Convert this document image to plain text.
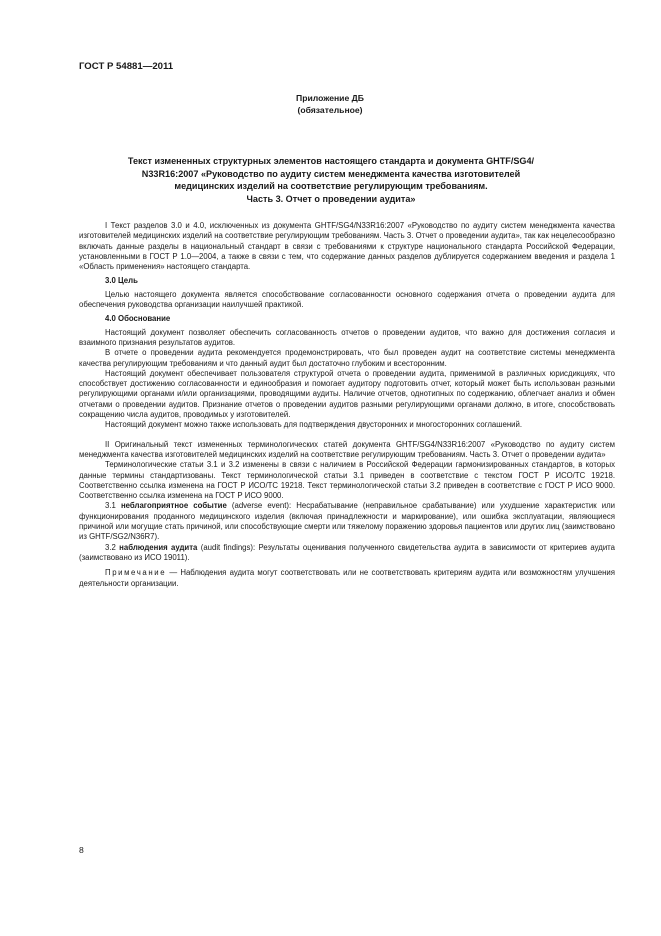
ГОСТ Р 54881—2011
Приложение ДБ
(обязательное)
Текст измененных структурных элементов настоящего стандарта и документа GHTF/SG4/
N33R16:2007 «Руководство по аудиту систем менеджмента качества изготовителей
медицинских изделий на соответствие регулирующим требованиям.
Часть 3. Отчет о проведении аудита»

I Текст разделов 3.0 и 4.0, исключенных из документа GHTF/SG4/N33R16:2007 «Руководство по аудиту систем менеджмента качества изготовителей медицинских изделий на соответствие регулирующим требованиям. Часть 3. Отчет о проведении аудита», так как нецелесообразно включать данные разделы в национальный стандарт в связи с требованиями к структуре национального стандарта Российской Федерации, установленными в ГОСТ Р 1.0—2004, а также в связи с тем, что содержание данных разделов дублируется содержанием введения и раздела 1 «Область применения» настоящего стандарта.

3.0 Цель

Целью настоящего документа является способствование согласованности основного содержания отчета о проведении аудита для обеспечения руководства организации наилучшей практикой.

4.0 Обоснование

Настоящий документ позволяет обеспечить согласованность отчетов о проведении аудитов, что важно для достижения согласия и взаимного признания результатов аудитов.

В отчете о проведении аудита рекомендуется продемонстрировать, что был проведен аудит на соответствие системы менеджмента качества регулирующим требованиям и что данный аудит был достаточно глубоким и всесторонним.

Настоящий документ обеспечивает пользователя структурой отчета о проведении аудита, применимой в различных юрисдикциях, что способствует достижению согласованности и единообразия и помогает аудитору подготовить отчет, который может быть использован разными регулирующими органами и/или организациями, проводящими аудиты. Наличие отчетов, однотипных по содержанию, облегчает анализ и обмен отчетами о проведении аудитов. Признание отчетов о проведении аудитов разными регулирующими органами должно, в итоге, способствовать сокращению числа аудитов, проводимых у изготовителей.

Настоящий документ можно также использовать для подтверждения двусторонних и многосторонних соглашений.

II Оригинальный текст измененных терминологических статей документа GHTF/SG4/N33R16:2007 «Руководство по аудиту систем менеджмента качества изготовителей медицинских изделий на соответствие регулирующим требованиям. Часть 3. Отчет о проведении аудита»

Терминологические статьи 3.1 и 3.2 изменены в связи с наличием в Российской Федерации гармонизированных стандартов, в которых данные термины стандартизованы. Текст терминологической статьи 3.1 приведен в соответствие с текстом ГОСТ Р ИСО/ТС 19218. Соответственно ссылка изменена на ГОСТ Р ИСО/ТС 19218. Текст терминологической статьи 3.2 приведен в соответствие с ГОСТ Р ИСО 9000. Соответственно ссылка изменена на ГОСТ Р ИСО 9000.

3.1 неблагоприятное событие (adverse event): Несрабатывание (неправильное срабатывание) или ухудшение характеристик или функционирования проданного медицинского изделия (включая принадлежности и маркирование), или ошибка эксплуатации, являющиеся причиной или могущие стать причиной, или способствующие смерти или тяжелому поражению здоровья пациентов или других лиц (заимствовано из GHTF/SG2/N36R7).

3.2 наблюдения аудита (audit findings): Результаты оценивания полученного свидетельства аудита в зависимости от критериев аудита (заимствовано из ИСО 19011).

Примечание — Наблюдения аудита могут соответствовать или не соответствовать критериям аудита или возможностям улучшения деятельности организации.

8
